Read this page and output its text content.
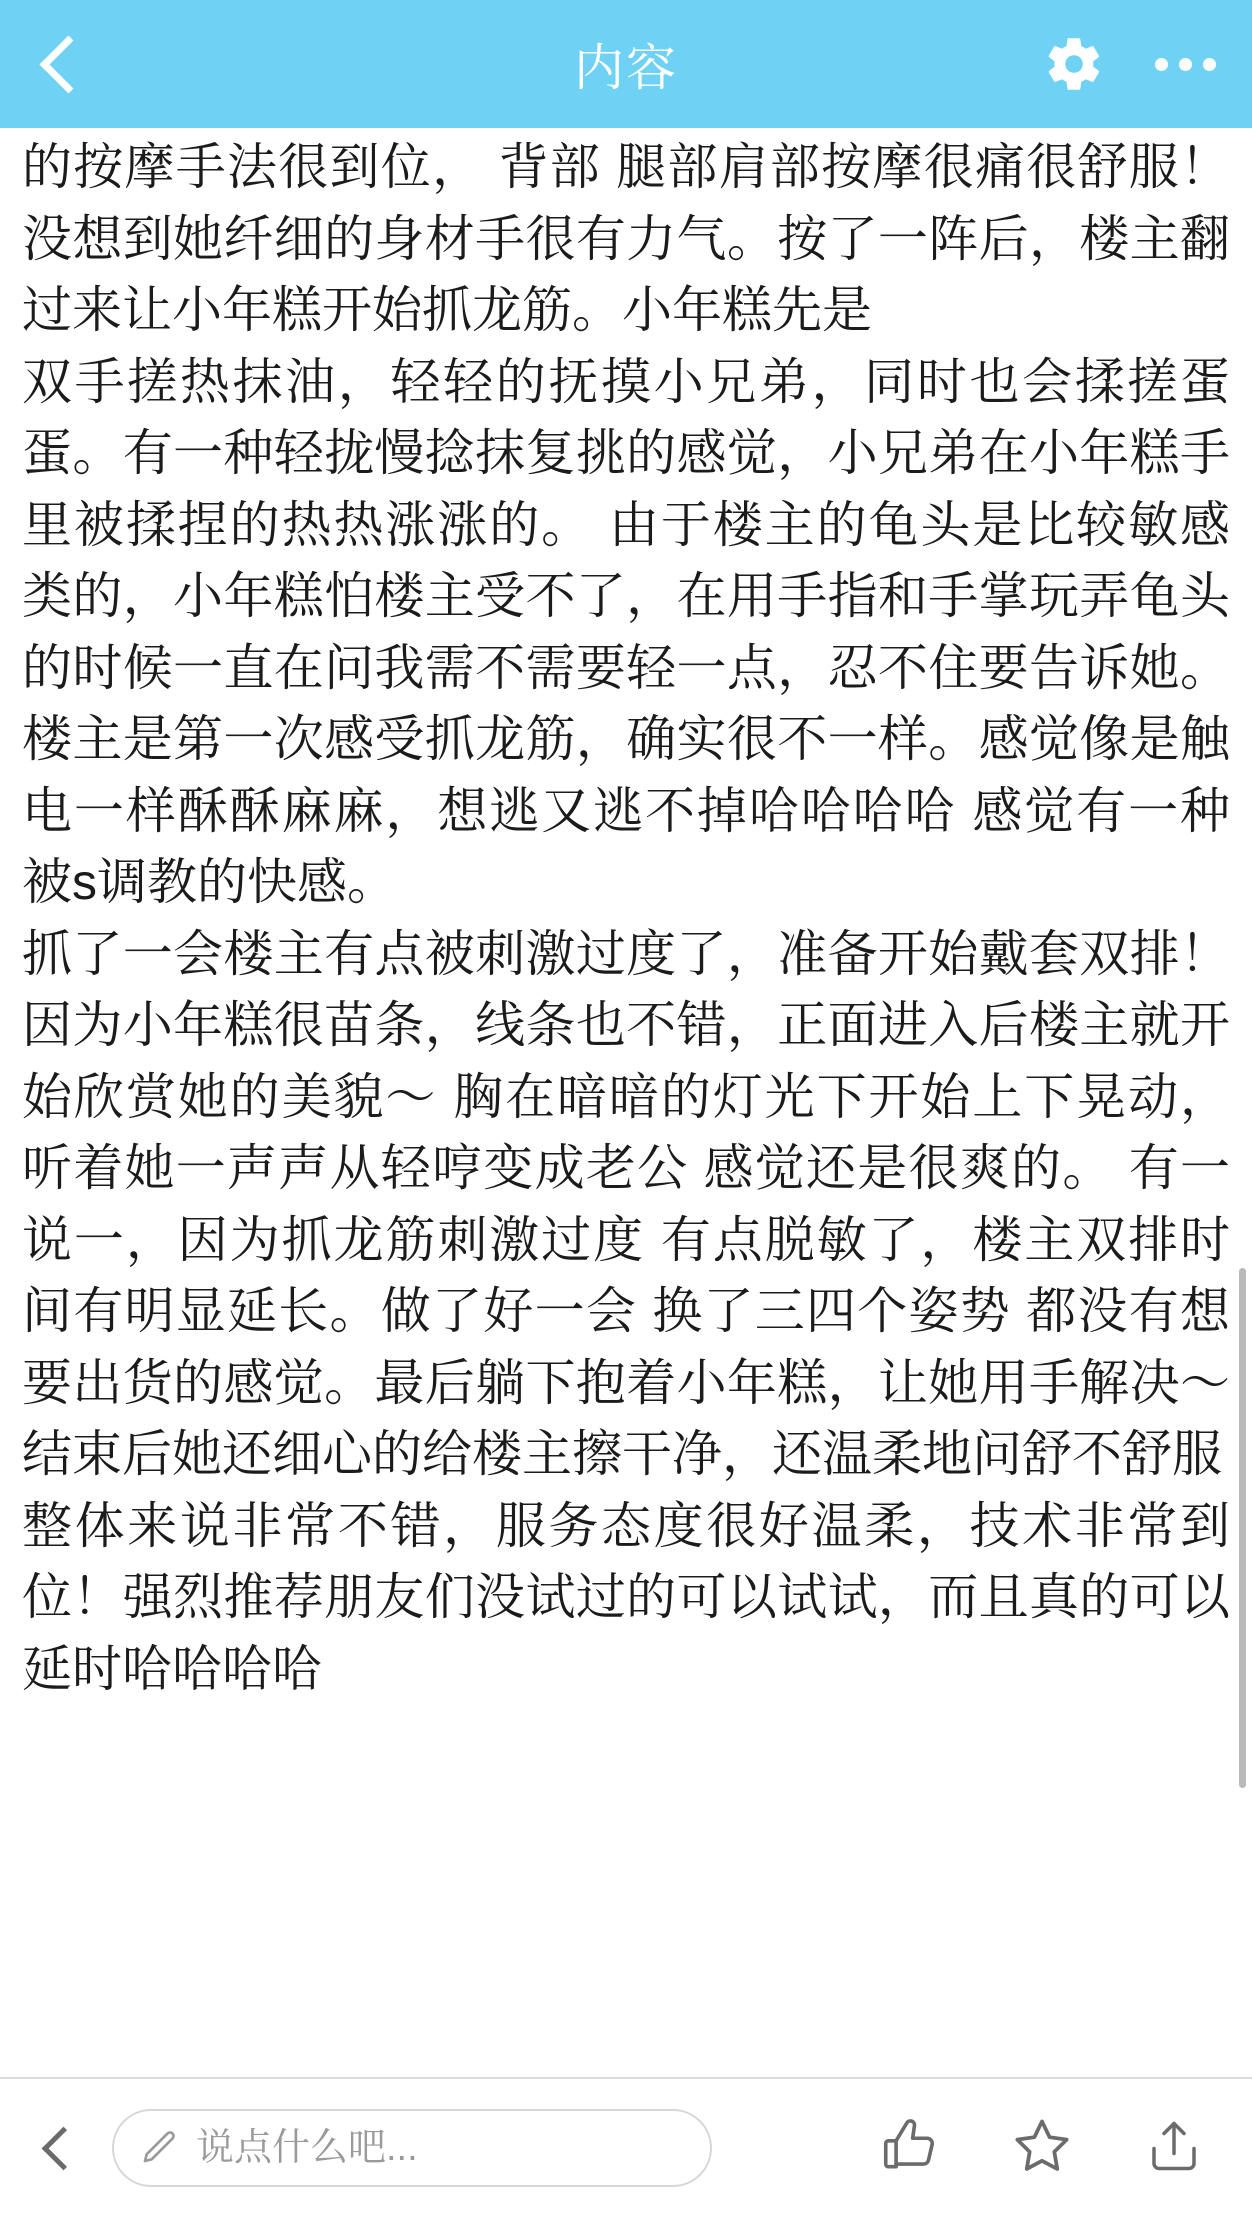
内容

的按摩手法很到位， 背部 腿部肩部按摩很痛很舒服！ 没想到她纤细的身材手很有力气。按了一阵后，楼主翻过来让小年糕开始抓龙筋。小年糕先是

双手搓热抹油，轻轻的抚摸小兄弟，同时也会揉搓蛋蛋。有一种轻拢慢捻抹复挑的感觉，小兄弟在小年糕手里被揉捏的热热涨涨的。 由于楼主的龟头是比较敏感类的，小年糕怕楼主受不了，在用手指和手掌玩弄龟头的时候一直在问我需不需要轻一点，忍不住要告诉她。 楼主是第一次感受抓龙筋，确实很不一样。感觉像是触电一样酥酥麻麻，想逃又逃不掉哈哈哈哈 感觉有一种被s调教的快感。

抓了一会楼主有点被刺激过度了，准备开始戴套双排！因为小年糕很苗条，线条也不错，正面进入后楼主就开始欣赏她的美貌～ 胸在暗暗的灯光下开始上下晃动，听着她一声声从轻哼变成老公 感觉还是很爽的。 有一说一，因为抓龙筋刺激过度 有点脱敏了，楼主双排时间有明显延长。做了好一会 换了三四个姿势 都没有想要出货的感觉。最后躺下抱着小年糕，让她用手解决～ 结束后她还细心的给楼主擦干净，还温柔地问舒不舒服

整体来说非常不错，服务态度很好温柔，技术非常到位！强烈推荐朋友们没试过的可以试试，而且真的可以延时哈哈哈哈

说点什么吧...
